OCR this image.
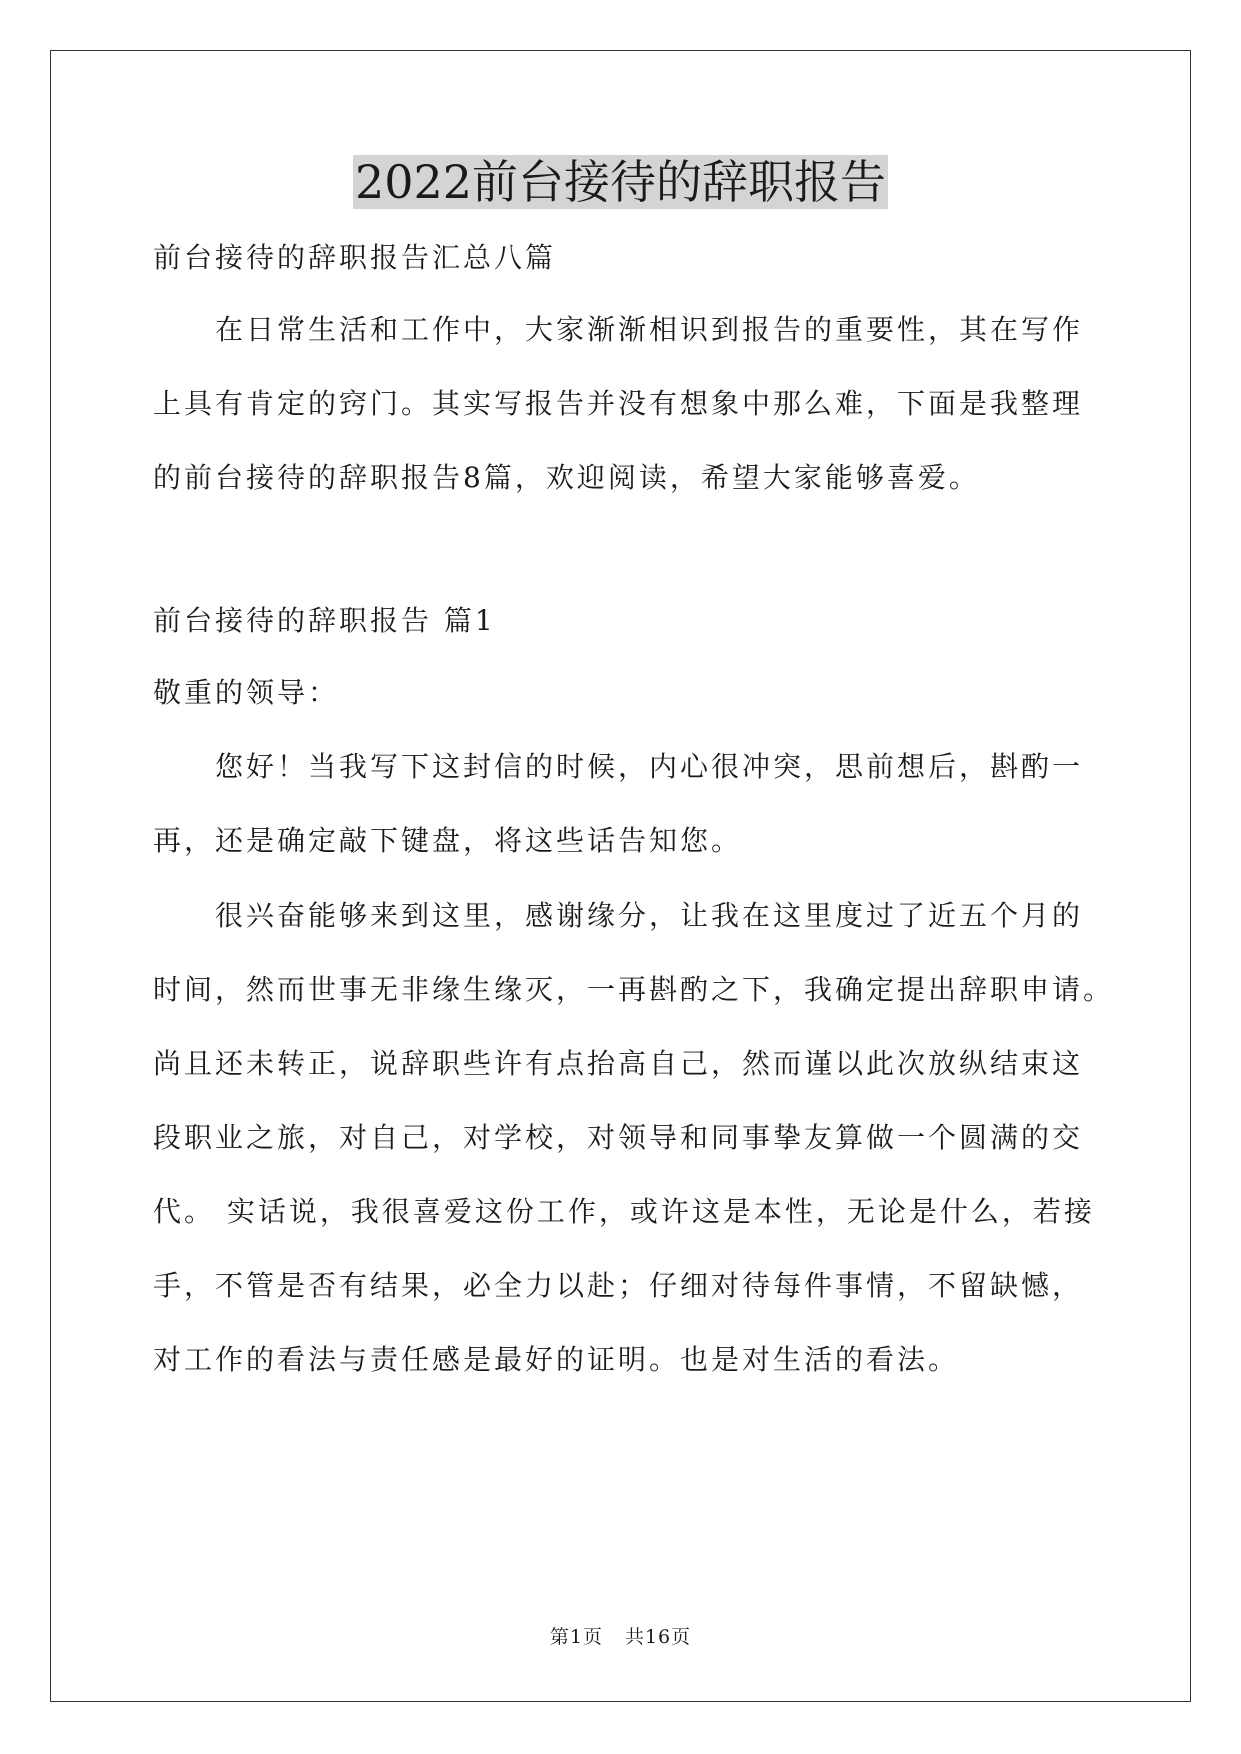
2022前台接待的辞职报告
前台接待的辞职报告汇总八篇
在日常生活和工作中，大家渐渐相识到报告的重要性，其在写作
上具有肯定的窍门。其实写报告并没有想象中那么难，下面是我整理
的前台接待的辞职报告8篇，欢迎阅读，希望大家能够喜爱。
前台接待的辞职报告 篇1
敬重的领导：
您好！当我写下这封信的时候，内心很冲突，思前想后，斟酌一
再，还是确定敲下键盘，将这些话告知您。
很兴奋能够来到这里，感谢缘分，让我在这里度过了近五个月的
时间，然而世事无非缘生缘灭，一再斟酌之下，我确定提出辞职申请。
尚且还未转正，说辞职些许有点抬高自己，然而谨以此次放纵结束这
段职业之旅，对自己，对学校，对领导和同事挚友算做一个圆满的交
代。 实话说，我很喜爱这份工作，或许这是本性，无论是什么，若接
手，不管是否有结果，必全力以赴；仔细对待每件事情，不留缺憾，
对工作的看法与责任感是最好的证明。也是对生活的看法。
第1页 共16页
